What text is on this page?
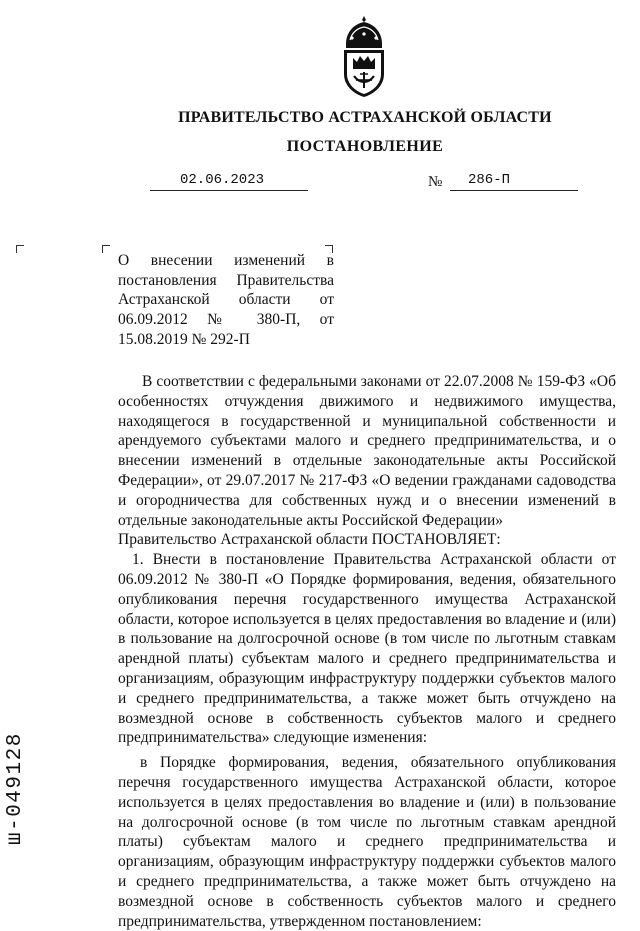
ПРАВИТЕЛЬСТВО АСТРАХАНСКОЙ ОБЛАСТИ
ПОСТАНОВЛЕНИЕ
02.06.2023	№ 286-П
О внесении изменений в постановления Правительства Астраханской области от 06.09.2012 № 380-П, от 15.08.2019 № 292-П

В соответствии с федеральными законами от 22.07.2008 № 159-ФЗ «Об особенностях отчуждения движимого и недвижимого имущества, находящегося в государственной и муниципальной собственности и арендуемого субъектами малого и среднего предпринимательства, и о внесении изменений в отдельные законодательные акты Российской Федерации», от 29.07.2017 № 217-ФЗ «О ведении гражданами садоводства и огородничества для собственных нужд и о внесении изменений в отдельные законодательные акты Российской Федерации»

Правительство Астраханской области ПОСТАНОВЛЯЕТ:

1. Внести в постановление Правительства Астраханской области от 06.09.2012 № 380-П «О Порядке формирования, ведения, обязательного опубликования перечня государственного имущества Астраханской области, которое используется в целях предоставления во владение и (или) в пользование на долгосрочной основе (в том числе по льготным ставкам арендной платы) субъектам малого и среднего предпринимательства и организациям, образующим инфраструктуру поддержки субъектов малого и среднего предпринимательства, а также может быть отчуждено на возмездной основе в собственность субъектов малого и среднего предпринимательства» следующие изменения:

в Порядке формирования, ведения, обязательного опубликования перечня государственного имущества Астраханской области, которое используется в целях предоставления во владение и (или) в пользование на долгосрочной основе (в том числе по льготным ставкам арендной платы) субъектам малого и среднего предпринимательства и организациям, образующим инфраструктуру поддержки субъектов малого и среднего предпринимательства, а также может быть отчуждено на возмездной основе в собственность субъектов малого и среднего предпринимательства, утвержденном постановлением:

ш-049128
